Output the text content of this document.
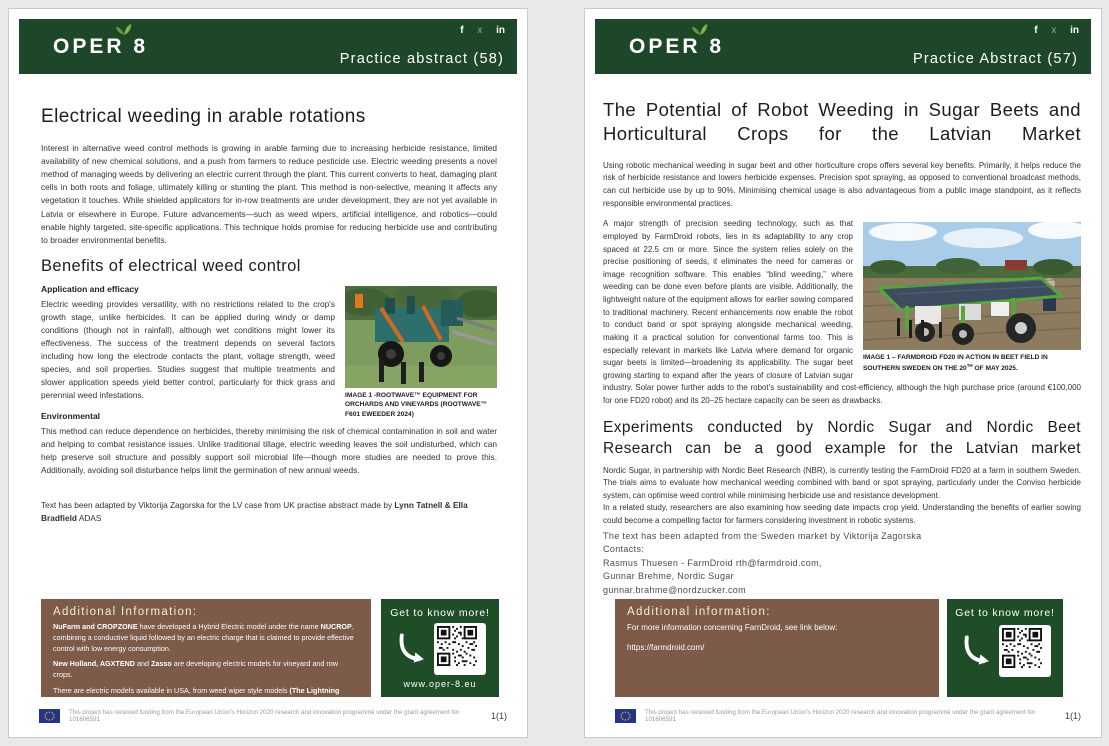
OPER 8
f x in
Practice abstract (58)
Electrical weeding in arable rotations

Interest in alternative weed control methods is growing in arable farming due to increasing herbicide resistance, limited availability of new chemical solutions, and a push from farmers to reduce pesticide use. Electric weeding presents a novel method of managing weeds by delivering an electric current through the plant. This current converts to heat, damaging plant cells in both roots and foliage, ultimately killing or stunting the plant. This method is non-selective, meaning it affects any vegetation it touches. While shielded applicators for in-row treatments are under development, they are not yet available in Latvia or elsewhere in Europe. Future advancements—such as weed wipers, artificial intelligence, and robotics—could enable highly targeted, site-specific applications. This technique holds promise for reducing herbicide use and contributing to broader environmental benefits.

Benefits of electrical weed control
IMAGE 1 -ROOTWAVE™ EQUIPMENT FOR ORCHARDS AND VINEYARDS (ROOTWAVE™ F601 EWEEDER 2024)
Application and efficacy

Electric weeding provides versatility, with no restrictions related to the crop's growth stage, unlike herbicides. It can be applied during windy or damp conditions (though not in rainfall), although wet conditions might lower its effectiveness. The success of the treatment depends on several factors including how long the electrode contacts the plant, voltage strength, weed species, and soil properties. Studies suggest that multiple treatments and slower application speeds yield better control, particularly for thick grass and perennial weed infestations.

Environmental

This method can reduce dependence on herbicides, thereby minimising the risk of chemical contamination in soil and water and helping to combat resistance issues. Unlike traditional tillage, electric weeding leaves the soil undisturbed, which can help preserve soil structure and possibly support soil microbial life—though more studies are needed to prove this. Additionally, avoiding soil disturbance helps limit the germination of new annual weeds.

Text has been adapted by Viktorija Zagorska for the LV case from UK practise abstract made by Lynn Tatnell & Ella Bradfield ADAS

Additional Information:

NuFarm and CROPZONE have developed a Hybrid Electric model under the name NUCROP, combining a conductive liquid followed by an electric charge that is claimed to provide effective control with low energy consumption.

New Holland, AGXTEND and Zasso are developing electric models for vineyard and row crops.

There are electric models available in USA, from weed wiper style models (The Lightning Weeder) The Annihilator series from The Weed Zapper company.

Get to know more!
www.oper-8.eu
This project has received funding from the European Union's Horizon 2020 research and innovation programme under the grant agreement No 101606591	1(1)
OPER 8
f x in
Practice Abstract (57)
The Potential of Robot Weeding in Sugar Beets and Horticultural Crops for the Latvian Market

Using robotic mechanical weeding in sugar beet and other horticulture crops offers several key benefits. Primarily, it helps reduce the risk of herbicide resistance and lowers herbicide expenses. Precision spot spraying, as opposed to conventional broadcast methods, can cut herbicide use by up to 90%. Minimising chemical usage is also advantageous from a public image standpoint, as it reflects responsible environmental practices.

IMAGE 1 – FARMDROID FD20 IN ACTION IN BEET FIELD IN SOUTHERN SWEDEN ON THE 20TH OF MAY 2025.

A major strength of precision seeding technology, such as that employed by FarmDroid robots, lies in its adaptability to any crop spaced at 22.5 cm or more. Since the system relies solely on the precise positioning of seeds, it eliminates the need for cameras or image recognition software. This enables “blind weeding,” where weeding can be done even before plants are visible. Additionally, the lightweight nature of the equipment allows for earlier sowing compared to traditional machinery. Recent enhancements now enable the robot to conduct band or spot spraying alongside mechanical weeding, making it a practical solution for conventional farms too. This is especially relevant in markets like Latvia where demand for organic sugar beets is limited—broadening its applicability. The sugar beet growing starting to expand after the years of closure of Latvian sugar industry. Solar power further adds to the robot's sustainability and cost-efficiency, although the high purchase price (around €100,000 for one FD20 robot) and its 20–25 hectare capacity can be seen as drawbacks.

Experiments conducted by Nordic Sugar and Nordic Beet Research can be a good example for the Latvian market

Nordic Sugar, in partnership with Nordic Beet Research (NBR), is currently testing the FarmDroid FD20 at a farm in southern Sweden. The trials aims to evaluate how mechanical weeding combined with band or spot spraying, particularly under the Conviso herbicide system, can optimise weed control while minimising herbicide use and resistance development.

In a related study, researchers are also examining how seeding date impacts crop yield. Understanding the benefits of earlier sowing could become a compelling factor for farmers considering investment in robotic systems.

The text has been adapted from the Sweden market by Viktorija Zagorska
Contacts:
Rasmus Thuesen - FarmDroid rth@farmdroid.com,
Gunnar Brehme, Nordic Sugar
gunnar.brahme@nordzucker.com
Additional information:

For more information concerning FarnDroid, see link below:

https://farmdroid.com/

Get to know more!
This project has received funding from the European Union's Horizon 2020 research and innovation programme under the grant agreement No 101606591	1(1)
